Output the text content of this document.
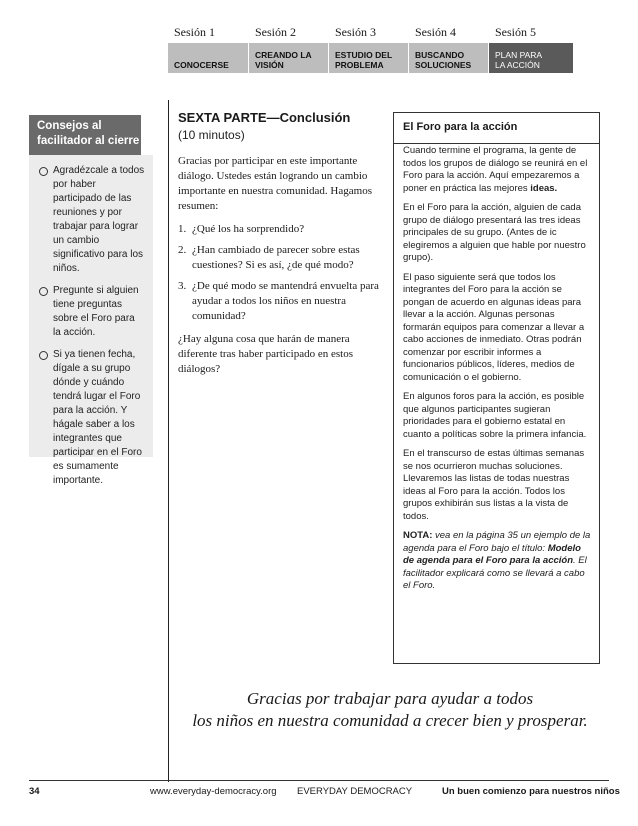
Sesión 1
CONOCERSE
Sesión 2
CREANDO LA
VISIÓN
Sesión 3
ESTUDIO DEL
PROBLEMA
Sesión 4
BUSCANDO
SOLUCIONES
Sesión 5
PLAN PARA
LA ACCIÓN
Consejos al
facilitador al cierre
Agradézcale a todos por haber participado de las reuniones y por trabajar para lograr un cambio significativo para los niños.
Pregunte si alguien tiene preguntas sobre el Foro para la acción.
Si ya tienen fecha, dígale a su grupo dónde y cuándo tendrá lugar el Foro para la acción. Y hágale saber a los integrantes que participar en el Foro es sumamente importante.
SEXTA PARTE—Conclusión
(10 minutos)
Gracias por participar en este importante diálogo. Ustedes están logrando un cambio importante en nuestra comunidad. Hagamos resumen:
1. ¿Qué los ha sorprendido?
2. ¿Han cambiado de parecer sobre estas cuestiones? Si es así, ¿de qué modo?
3. ¿De qué modo se mantendrá envuelta para ayudar a todos los niños en nuestra comunidad?
¿Hay alguna cosa que harán de manera diferente tras haber participado en estos diálogos?
El Foro para la acción
Cuando termine el programa, la gente de todos los grupos de diálogo se reunirá en el Foro para la acción. Aquí empezaremos a poner en práctica las mejores ideas.
En el Foro para la acción, alguien de cada grupo de diálogo presentará las tres ideas principales de su grupo. (Antes de ic elegiremos a alguien que hable por nuestro grupo).
El paso siguiente será que todos los integrantes del Foro para la acción se pongan de acuerdo en algunas ideas para llevar a la acción. Algunas personas formarán equipos para comenzar a llevar a cabo acciones de inmediato. Otras podrán comenzar por escribir informes a funcionarios públicos, líderes, medios de comunicación o el gobierno.
En algunos foros para la acción, es posible que algunos participantes sugieran prioridades para el gobierno estatal en cuanto a políticas sobre la primera infancia.
En el transcurso de estas últimas semanas se nos ocurrieron muchas soluciones. Llevaremos las listas de todas nuestras ideas al Foro para la acción. Todos los grupos exhibirán sus listas a la vista de todos.
NOTA: vea en la página 35 un ejemplo de la agenda para el Foro bajo el título: Modelo de agenda para el Foro para la acción. El facilitador explicará como se llevará a cabo el Foro.
Gracias por trabajar para ayudar a todos
los niños en nuestra comunidad a crecer bien y prosperar.
34	www.everyday-democracy.org EVERYDAY DEMOCRACY	Un buen comienzo para nuestros niños
